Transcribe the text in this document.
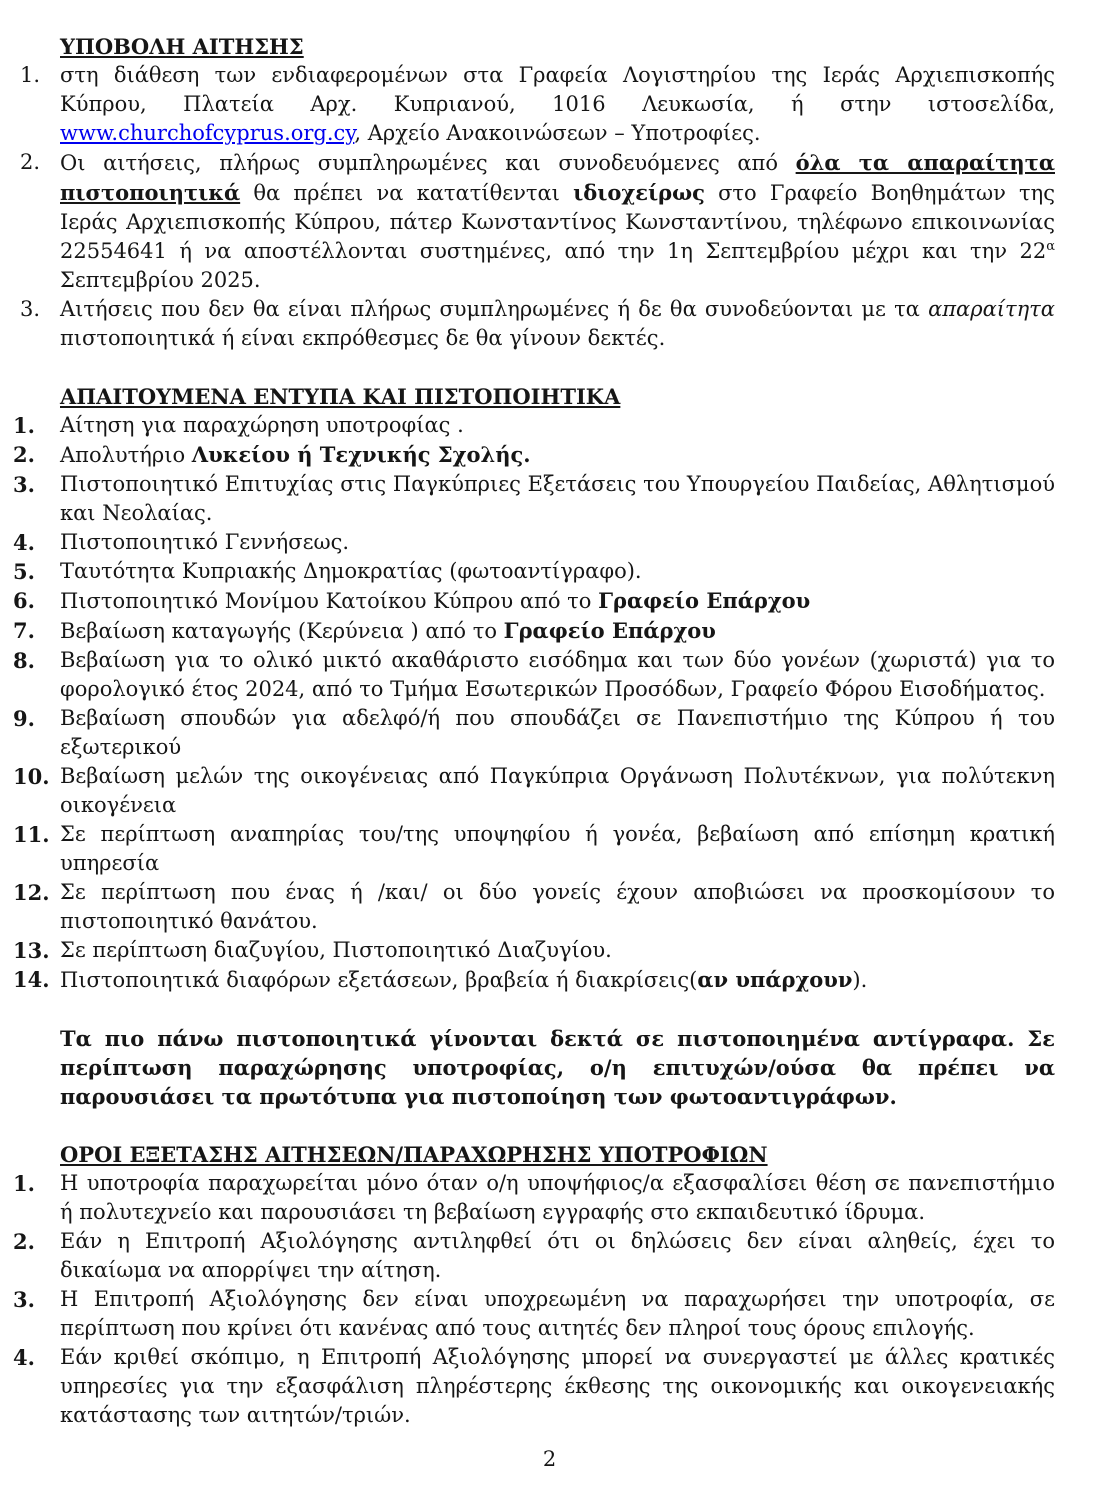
ΥΠΟΒΟΛΗ ΑΙΤΗΣΗΣ
1. στη διάθεση των ενδιαφερομένων στα Γραφεία Λογιστηρίου της Ιεράς Αρχιεπισκοπής Κύπρου, Πλατεία Αρχ. Κυπριανού, 1016 Λευκωσία, ή στην ιστοσελίδα, www.churchofcyprus.org.cy, Αρχείο Ανακοινώσεων – Υποτροφίες.
2. Οι αιτήσεις, πλήρως συμπληρωμένες και συνοδευόμενες από όλα τα απαραίτητα πιστοποιητικά θα πρέπει να κατατίθενται ιδιοχείρως στο Γραφείο Βοηθημάτων της Ιεράς Αρχιεπισκοπής Κύπρου, πάτερ Κωνσταντίνος Κωνσταντίνου, τηλέφωνο επικοινωνίας 22554641 ή να αποστέλλονται συστημένες, από την 1η Σεπτεμβρίου μέχρι και την $22^\alpha$ Σεπτεμβρίου 2025.
3. Αιτήσεις που δεν θα είναι πλήρως συμπληρωμένες ή δε θα συνοδεύονται με τα απαραίτητα πιστοποιητικά ή είναι εκπρόθεσμες δε θα γίνουν δεκτές.
ΑΠΑΙΤΟΥΜΕΝΑ ΕΝΤΥΠΑ ΚΑΙ ΠΙΣΤΟΠΟΙΗΤΙΚΑ
1. Αίτηση για παραχώρηση υποτροφίας .
2. Απολυτήριο Λυκείου ή Τεχνικής Σχολής.
3. Πιστοποιητικό Επιτυχίας στις Παγκύπριες Εξετάσεις του Υπουργείου Παιδείας, Αθλητισμού και Νεολαίας.
4. Πιστοποιητικό Γεννήσεως.
5. Ταυτότητα Κυπριακής Δημοκρατίας (φωτοαντίγραφο).
6. Πιστοποιητικό Μονίμου Κατοίκου Κύπρου από το Γραφείο Επάρχου
7. Βεβαίωση καταγωγής (Κερύνεια ) από το Γραφείο Επάρχου
8. Βεβαίωση για το ολικό μικτό ακαθάριστο εισόδημα και των δύο γονέων (χωριστά) για το φορολογικό έτος 2024, από το Τμήμα Εσωτερικών Προσόδων, Γραφείο Φόρου Εισοδήματος.
9. Βεβαίωση σπουδών για αδελφό/ή που σπουδάζει σε Πανεπιστήμιο της Κύπρου ή του εξωτερικού
10. Βεβαίωση μελών της οικογένειας από Παγκύπρια Οργάνωση Πολυτέκνων, για πολύτεκνη οικογένεια
11. Σε περίπτωση αναπηρίας του/της υποψηφίου ή γονέα, βεβαίωση από επίσημη κρατική υπηρεσία
12. Σε περίπτωση που ένας ή /και/ οι δύο γονείς έχουν αποβιώσει να προσκομίσουν το πιστοποιητικό θανάτου.
13. Σε περίπτωση διαζυγίου, Πιστοποιητικό Διαζυγίου.
14. Πιστοποιητικά διαφόρων εξετάσεων, βραβεία ή διακρίσεις(αν υπάρχουν).

Τα πιο πάνω πιστοποιητικά γίνονται δεκτά σε πιστοποιημένα αντίγραφα. Σε περίπτωση παραχώρησης υποτροφίας, ο/η επιτυχών/ούσα θα πρέπει να παρουσιάσει τα πρωτότυπα για πιστοποίηση των φωτοαντιγράφων.

ΟΡΟΙ ΕΞΕΤΑΣΗΣ ΑΙΤΗΣΕΩΝ/ΠΑΡΑΧΩΡΗΣΗΣ ΥΠΟΤΡΟΦΙΩΝ
1. Η υποτροφία παραχωρείται μόνο όταν ο/η υποψήφιος/α εξασφαλίσει θέση σε πανεπιστήμιο ή πολυτεχνείο και παρουσιάσει τη βεβαίωση εγγραφής στο εκπαιδευτικό ίδρυμα.
2. Εάν η Επιτροπή Αξιολόγησης αντιληφθεί ότι οι δηλώσεις δεν είναι αληθείς, έχει το δικαίωμα να απορρίψει την αίτηση.
3. Η Επιτροπή Αξιολόγησης δεν είναι υποχρεωμένη να παραχωρήσει την υποτροφία, σε περίπτωση που κρίνει ότι κανένας από τους αιτητές δεν πληροί τους όρους επιλογής.
4. Εάν κριθεί σκόπιμο, η Επιτροπή Αξιολόγησης μπορεί να συνεργαστεί με άλλες κρατικές υπηρεσίες για την εξασφάλιση πληρέστερης έκθεσης της οικονομικής και οικογενειακής κατάστασης των αιτητών/τριών.
2
